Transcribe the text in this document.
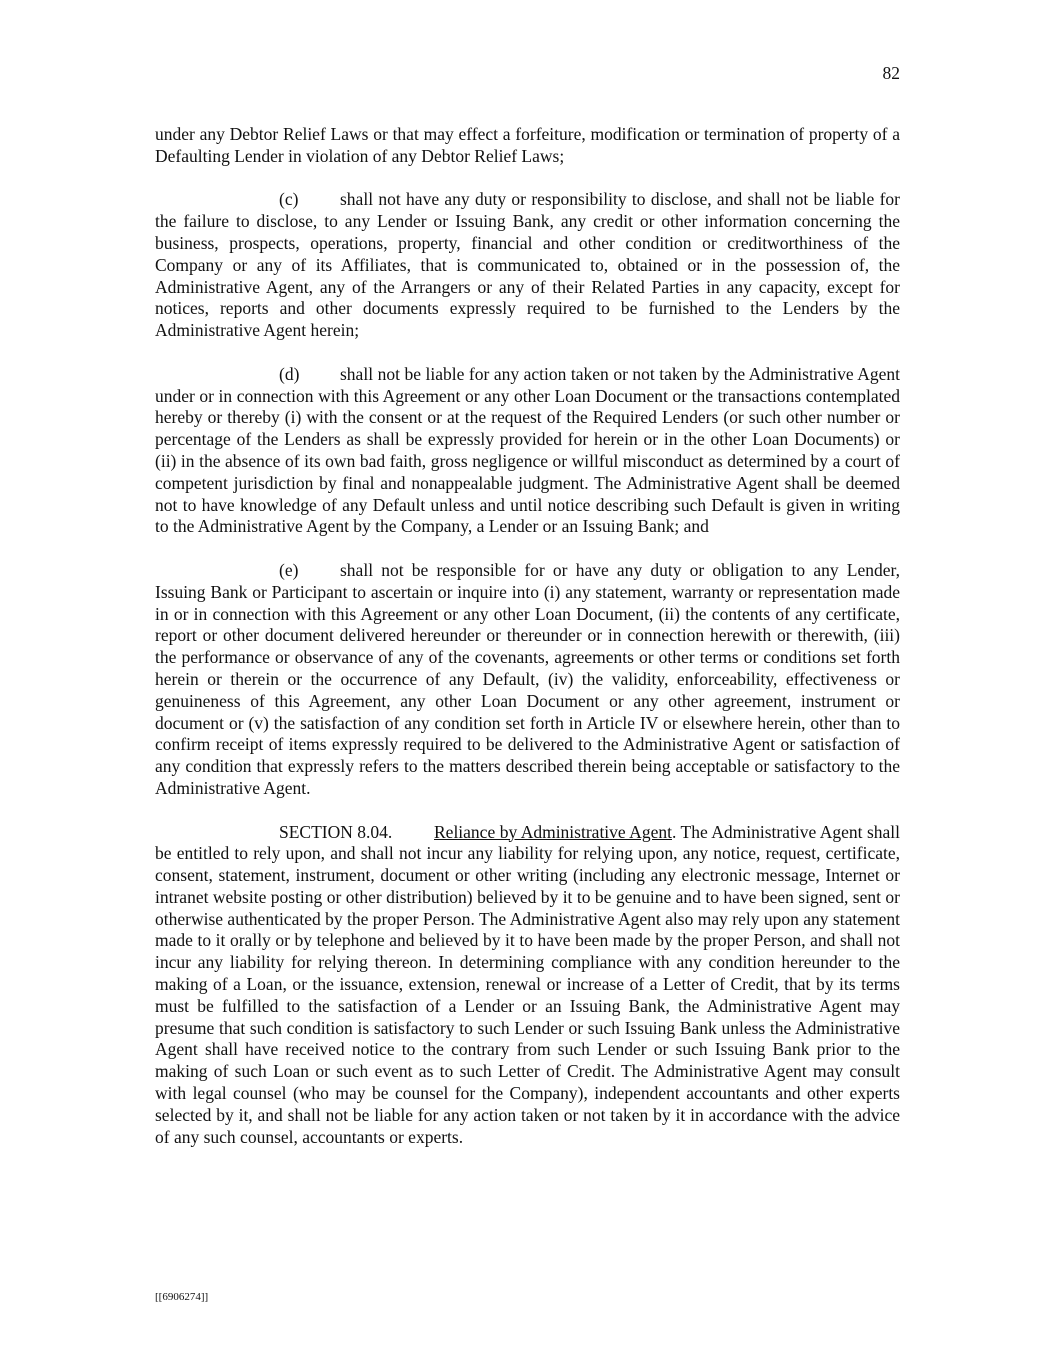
82

under any Debtor Relief Laws or that may effect a forfeiture, modification or termination of property of a Defaulting Lender in violation of any Debtor Relief Laws;

(c) shall not have any duty or responsibility to disclose, and shall not be liable for the failure to disclose, to any Lender or Issuing Bank, any credit or other information concerning the business, prospects, operations, property, financial and other condition or creditworthiness of the Company or any of its Affiliates, that is communicated to, obtained or in the possession of, the Administrative Agent, any of the Arrangers or any of their Related Parties in any capacity, except for notices, reports and other documents expressly required to be furnished to the Lenders by the Administrative Agent herein;

(d) shall not be liable for any action taken or not taken by the Administrative Agent under or in connection with this Agreement or any other Loan Document or the transactions contemplated hereby or thereby (i) with the consent or at the request of the Required Lenders (or such other number or percentage of the Lenders as shall be expressly provided for herein or in the other Loan Documents) or (ii) in the absence of its own bad faith, gross negligence or willful misconduct as determined by a court of competent jurisdiction by final and nonappealable judgment. The Administrative Agent shall be deemed not to have knowledge of any Default unless and until notice describing such Default is given in writing to the Administrative Agent by the Company, a Lender or an Issuing Bank; and

(e) shall not be responsible for or have any duty or obligation to any Lender, Issuing Bank or Participant to ascertain or inquire into (i) any statement, warranty or representation made in or in connection with this Agreement or any other Loan Document, (ii) the contents of any certificate, report or other document delivered hereunder or thereunder or in connection herewith or therewith, (iii) the performance or observance of any of the covenants, agreements or other terms or conditions set forth herein or therein or the occurrence of any Default, (iv) the validity, enforceability, effectiveness or genuineness of this Agreement, any other Loan Document or any other agreement, instrument or document or (v) the satisfaction of any condition set forth in Article IV or elsewhere herein, other than to confirm receipt of items expressly required to be delivered to the Administrative Agent or satisfaction of any condition that expressly refers to the matters described therein being acceptable or satisfactory to the Administrative Agent.

SECTION 8.04. Reliance by Administrative Agent. The Administrative Agent shall be entitled to rely upon, and shall not incur any liability for relying upon, any notice, request, certificate, consent, statement, instrument, document or other writing (including any electronic message, Internet or intranet website posting or other distribution) believed by it to be genuine and to have been signed, sent or otherwise authenticated by the proper Person. The Administrative Agent also may rely upon any statement made to it orally or by telephone and believed by it to have been made by the proper Person, and shall not incur any liability for relying thereon. In determining compliance with any condition hereunder to the making of a Loan, or the issuance, extension, renewal or increase of a Letter of Credit, that by its terms must be fulfilled to the satisfaction of a Lender or an Issuing Bank, the Administrative Agent may presume that such condition is satisfactory to such Lender or such Issuing Bank unless the Administrative Agent shall have received notice to the contrary from such Lender or such Issuing Bank prior to the making of such Loan or such event as to such Letter of Credit. The Administrative Agent may consult with legal counsel (who may be counsel for the Company), independent accountants and other experts selected by it, and shall not be liable for any action taken or not taken by it in accordance with the advice of any such counsel, accountants or experts.

[[6906274]]
